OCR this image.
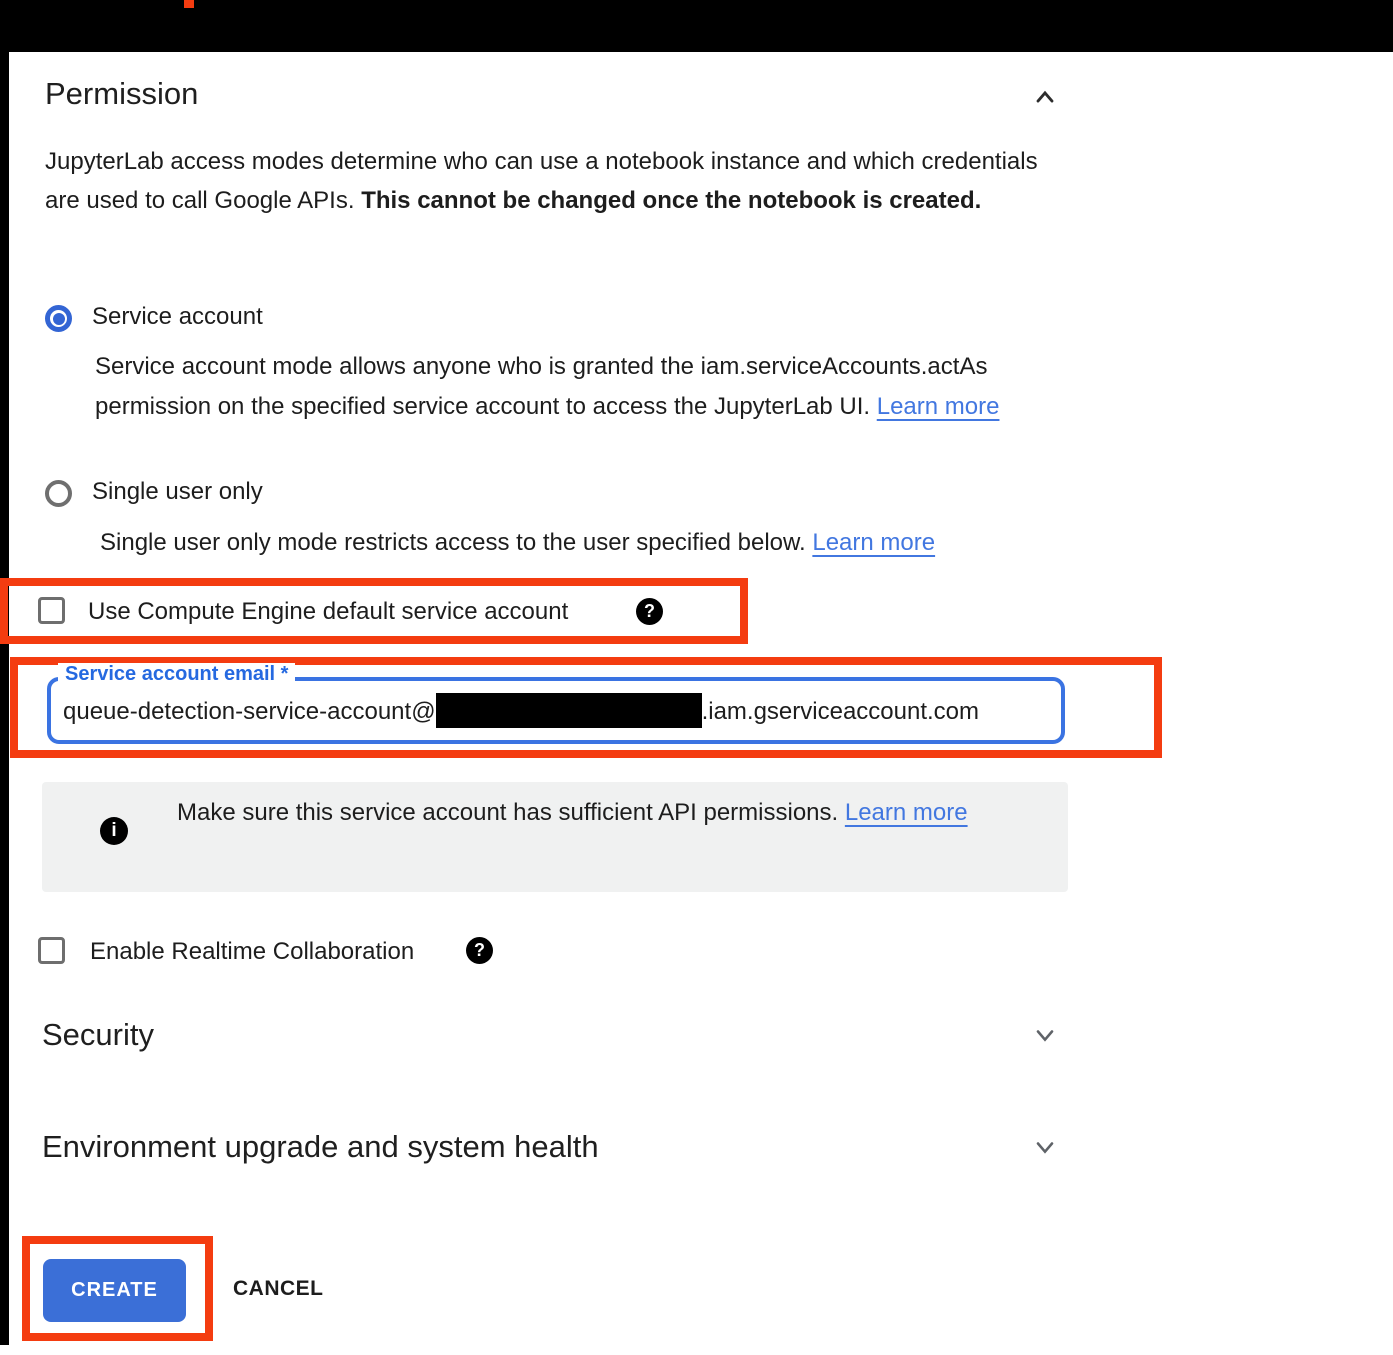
Permission

JupyterLab access modes determine who can use a notebook instance and which credentials are used to call Google APIs. This cannot be changed once the notebook is created.

Service account

Service account mode allows anyone who is granted the iam.serviceAccounts.actAs permission on the specified service account to access the JupyterLab UI. Learn more

Single user only

Single user only mode restricts access to the user specified below. Learn more

Use Compute Engine default service account	?
queue-detection-service-account@	.iam.gserviceaccount.com
Service account email *
i

Make sure this service account has sufficient API permissions. Learn more

Enable Realtime Collaboration	?
Security
Environment upgrade and system health
CREATE	CANCEL
